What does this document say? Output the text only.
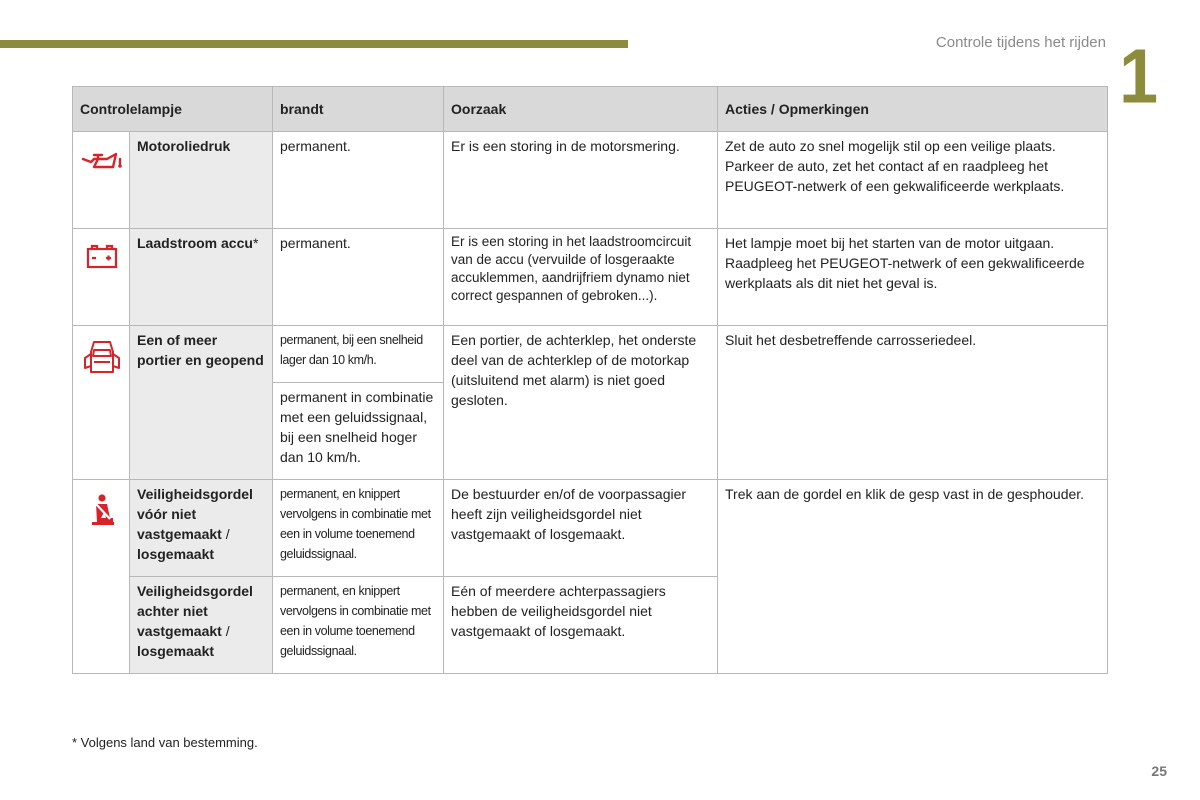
Controle tijdens het rijden 1
Controlelampje		brandt	Oorzaak	Acties / Opmerkingen
	Motoroliedruk	permanent.	Er is een storing in de motorsmering.	Zet de auto zo snel mogelijk stil op een veilige plaats. Parkeer de auto, zet het contact af en raadpleeg het PEUGEOT-netwerk of een gekwalificeerde werkplaats.
	Laadstroom accu*	permanent.	Er is een storing in het laadstroomcircuit van de accu (vervuilde of losgeraakte accuklemmen, aandrijfriem dynamo niet correct gespannen of gebroken...).	Het lampje moet bij het starten van de motor uitgaan. Raadpleeg het PEUGEOT-netwerk of een gekwalificeerde werkplaats als dit niet het geval is.
	Een of meer portier en geopend	permanent, bij een snelheid lager dan 10 km/h.	Een portier, de achterklep, het onderste deel van de achterklep of de motorkap (uitsluitend met alarm) is niet goed gesloten.	Sluit het desbetreffende carrosseriedeel.
		permanent in combinatie met een geluidssignaal, bij een snelheid hoger dan 10 km/h.		
	Veiligheidsgordel vóór niet vastgemaakt / losgemaakt	permanent, en knippert vervolgens in combinatie met een in volume toenemend geluidssignaal.	De bestuurder en/of de voorpassagier heeft zijn veiligheidsgordel niet vastgemaakt of losgemaakt.	Trek aan de gordel en klik de gesp vast in de gesphouder.
	Veiligheidsgordel achter niet vastgemaakt / losgemaakt	permanent, en knippert vervolgens in combinatie met een in volume toenemend geluidssignaal.	Eén of meerdere achterpassagiers hebben de veiligheidsgordel niet vastgemaakt of losgemaakt.	
* Volgens land van bestemming.
25
